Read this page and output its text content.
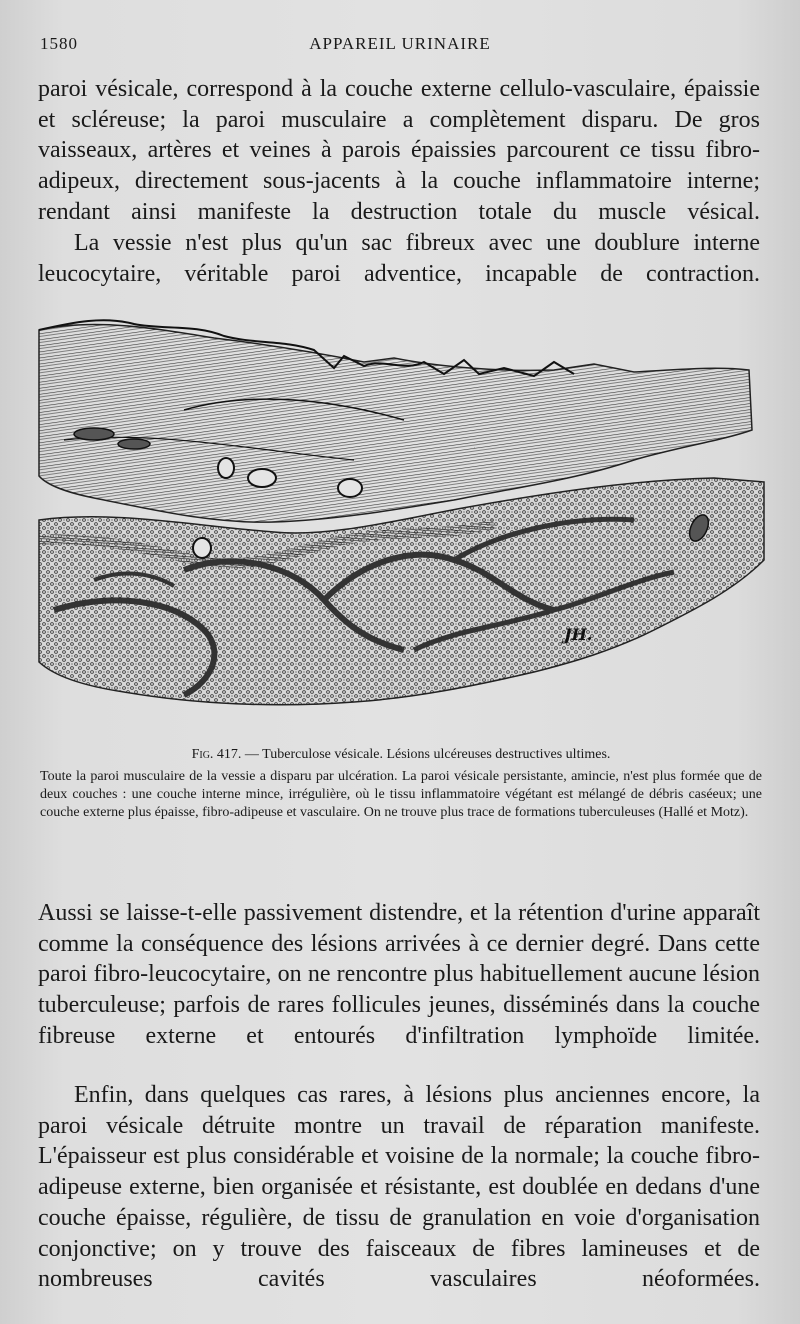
1580	APPAREIL URINAIRE

paroi vésicale, correspond à la couche externe cellulo-vasculaire, épaissie et scléreuse; la paroi musculaire a complètement disparu. De gros vaisseaux, artères et veines à parois épaissies parcourent ce tissu fibro-adipeux, directement sous-jacents à la couche inflammatoire interne; rendant ainsi manifeste la destruction totale du muscle vésical.

La vessie n'est plus qu'un sac fibreux avec une doublure interne leucocytaire, véritable paroi adventice, incapable de contraction.

JH.

Fig. 417. — Tuberculose vésicale. Lésions ulcéreuses destructives ultimes.

Toute la paroi musculaire de la vessie a disparu par ulcération. La paroi vésicale persistante, amincie, n'est plus formée que de deux couches : une couche interne mince, irrégulière, où le tissu inflammatoire végétant est mélangé de débris caséeux; une couche externe plus épaisse, fibro-adipeuse et vasculaire. On ne trouve plus trace de formations tuberculeuses (Hallé et Motz).

Aussi se laisse-t-elle passivement distendre, et la rétention d'urine apparaît comme la conséquence des lésions arrivées à ce dernier degré. Dans cette paroi fibro-leucocytaire, on ne rencontre plus habituellement aucune lésion tuberculeuse; parfois de rares follicules jeunes, disséminés dans la couche fibreuse externe et entourés d'infiltration lymphoïde limitée.

Enfin, dans quelques cas rares, à lésions plus anciennes encore, la paroi vésicale détruite montre un travail de réparation manifeste. L'épaisseur est plus considérable et voisine de la normale; la couche fibro-adipeuse externe, bien organisée et résistante, est doublée en dedans d'une couche épaisse, régulière, de tissu de granulation en voie d'organisation conjonctive; on y trouve des faisceaux de fibres lamineuses et de nombreuses cavités vasculaires néoformées.
